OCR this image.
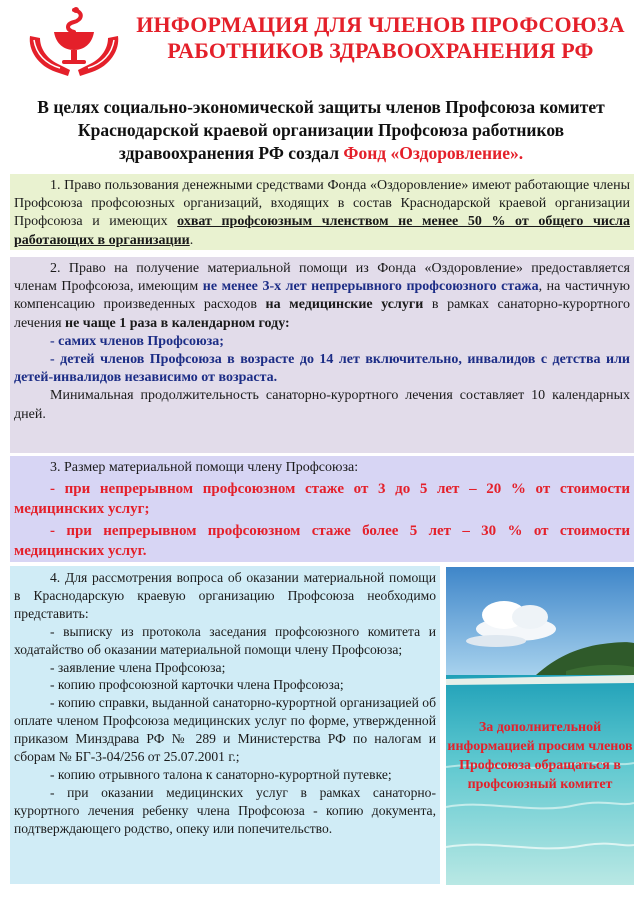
ИНФОРМАЦИЯ ДЛЯ ЧЛЕНОВ ПРОФСОЮЗА
РАБОТНИКОВ ЗДРАВООХРАНЕНИЯ РФ
В целях социально-экономической защиты членов Профсоюза комитет Краснодарской краевой организации Профсоюза работников здравоохранения РФ создал Фонд «Оздоровление».

1. Право пользования денежными средствами Фонда «Оздоровление» имеют работающие члены Профсоюза профсоюзных организаций, входящих в состав Краснодарской краевой организации Профсоюза и имеющих охват профсоюзным членством не менее 50 % от общего числа работающих в организации.

2. Право на получение материальной помощи из Фонда «Оздоровление» предоставляется членам Профсоюза, имеющим не менее 3-х лет непрерывного профсоюзного стажа, на частичную компенсацию произведенных расходов на медицинские услуги в рамках санаторно-курортного лечения не чаще 1 раза в календарном году:

- самих членов Профсоюза;

- детей членов Профсоюза в возрасте до 14 лет включительно, инвалидов с детства или детей-инвалидов независимо от возраста.

Минимальная продолжительность санаторно-курортного лечения составляет 10 календарных дней.

3. Размер материальной помощи члену Профсоюза:

- при непрерывном профсоюзном стаже от 3 до 5 лет – 20 % от стоимости медицинских услуг;

- при непрерывном профсоюзном стаже более 5 лет – 30 % от стоимости медицинских услуг.

4. Для рассмотрения вопроса об оказании материальной помощи в Краснодарскую краевую организацию Профсоюза необходимо представить:

- выписку из протокола заседания профсоюзного комитета и ходатайство об оказании материальной помощи члену Профсоюза;

- заявление члена Профсоюза;

- копию профсоюзной карточки члена Профсоюза;

- копию справки, выданной санаторно-курортной организацией об оплате членом Профсоюза медицинских услуг по форме, утвержденной приказом Минздрава РФ № 289 и Министерства РФ по налогам и сборам № БГ-3-04/256 от 25.07.2001 г.;

- копию отрывного талона к санаторно-курортной путевке;

- при оказании медицинских услуг в рамках санаторно-курортного лечения ребенку члена Профсоюза - копию документа, подтверждающего родство, опеку или попечительство.

За дополнительной информацией просим членов Профсоюза обращаться в профсоюзный комитет
